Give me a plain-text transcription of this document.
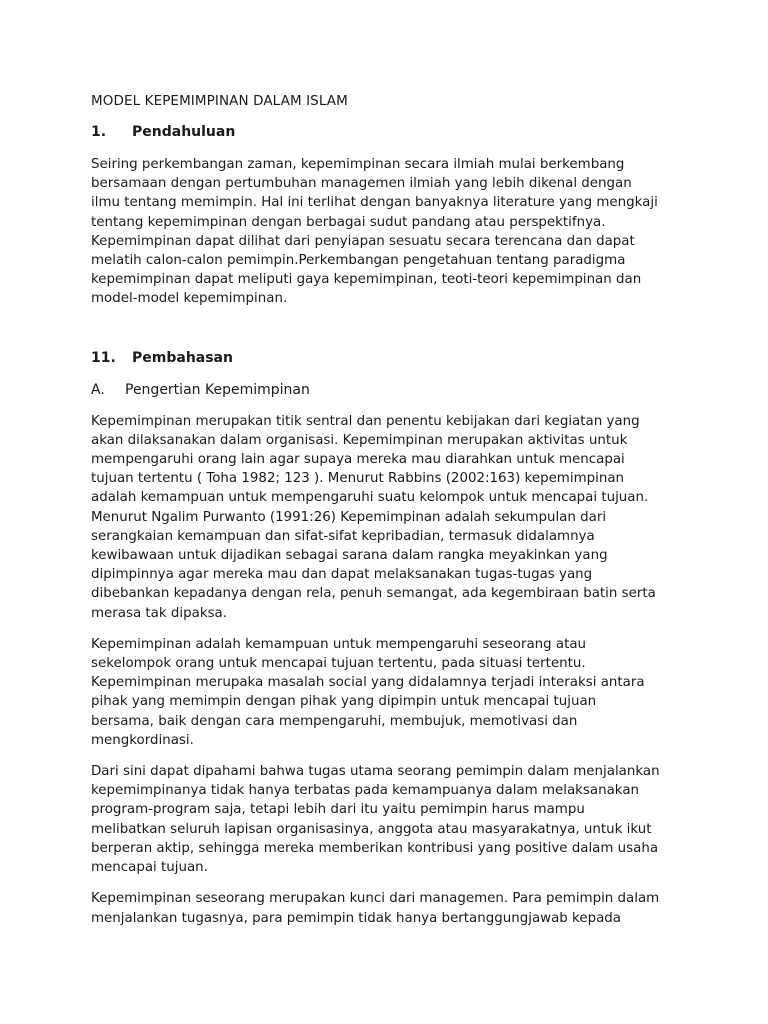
MODEL KEPEMIMPINAN DALAM ISLAM
1.	Pendahuluan
Seiring perkembangan zaman, kepemimpinan secara ilmiah mulai berkembang
bersamaan dengan pertumbuhan managemen ilmiah yang lebih dikenal dengan
ilmu tentang memimpin. Hal ini terlihat dengan banyaknya literature yang mengkaji
tentang kepemimpinan dengan berbagai sudut pandang atau perspektifnya.
Kepemimpinan dapat dilihat dari penyiapan sesuatu secara terencana dan dapat
melatih calon-calon pemimpin.Perkembangan pengetahuan tentang paradigma
kepemimpinan dapat meliputi gaya kepemimpinan, teoti-teori kepemimpinan dan
model-model kepemimpinan.
11.	Pembahasan
A.	Pengertian Kepemimpinan
Kepemimpinan merupakan titik sentral dan penentu kebijakan dari kegiatan yang
akan dilaksanakan dalam organisasi. Kepemimpinan merupakan aktivitas untuk
mempengaruhi orang lain agar supaya mereka mau diarahkan untuk mencapai
tujuan tertentu ( Toha 1982; 123 ). Menurut Rabbins (2002:163) kepemimpinan
adalah kemampuan untuk mempengaruhi suatu kelompok untuk mencapai tujuan.
Menurut Ngalim Purwanto (1991:26) Kepemimpinan adalah sekumpulan dari
serangkaian kemampuan dan sifat-sifat kepribadian, termasuk didalamnya
kewibawaan untuk dijadikan sebagai sarana dalam rangka meyakinkan yang
dipimpinnya agar mereka mau dan dapat melaksanakan tugas-tugas yang
dibebankan kepadanya dengan rela, penuh semangat, ada kegembiraan batin serta
merasa tak dipaksa.
Kepemimpinan adalah kemampuan untuk mempengaruhi seseorang atau
sekelompok orang untuk mencapai tujuan tertentu, pada situasi tertentu.
Kepemimpinan merupaka masalah social yang didalamnya terjadi interaksi antara
pihak yang memimpin dengan pihak yang dipimpin untuk mencapai tujuan
bersama, baik dengan cara mempengaruhi, membujuk, memotivasi dan
mengkordinasi.
Dari sini dapat dipahami bahwa tugas utama seorang pemimpin dalam menjalankan
kepemimpinanya tidak hanya terbatas pada kemampuanya dalam melaksanakan
program-program saja, tetapi lebih dari itu yaitu pemimpin harus mampu
melibatkan seluruh lapisan organisasinya, anggota atau masyarakatnya, untuk ikut
berperan aktip, sehingga mereka memberikan kontribusi yang positive dalam usaha
mencapai tujuan.
Kepemimpinan seseorang merupakan kunci dari managemen. Para pemimpin dalam
menjalankan tugasnya, para pemimpin tidak hanya bertanggungjawab kepada
